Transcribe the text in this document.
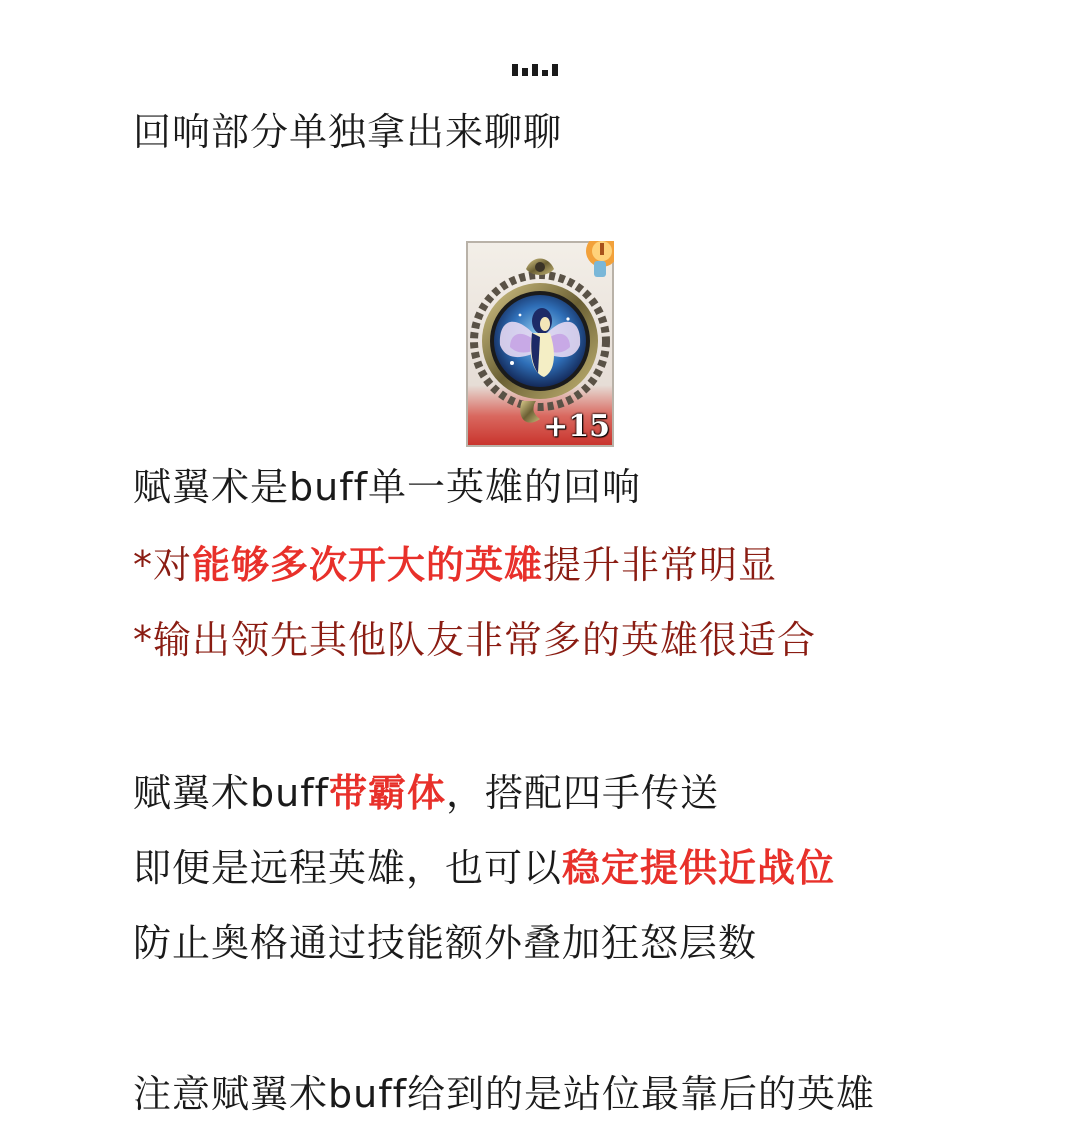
回响部分单独拿出来聊聊
+15
赋翼术是buff单一英雄的回响
*对能够多次开大的英雄提升非常明显
*输出领先其他队友非常多的英雄很适合
赋翼术buff带霸体，搭配四手传送
即便是远程英雄，也可以稳定提供近战位
防止奥格通过技能额外叠加狂怒层数
注意赋翼术buff给到的是站位最靠后的英雄
